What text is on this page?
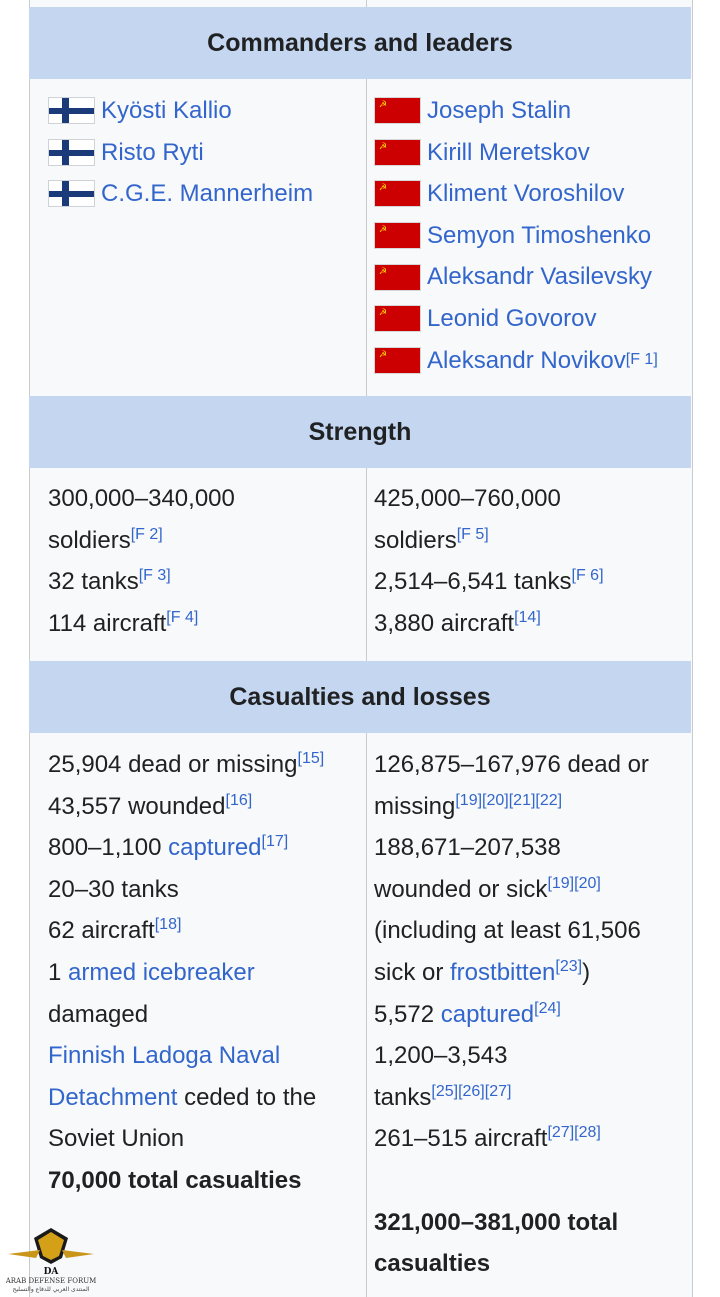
Commanders and leaders
Kyösti Kallio
Risto Ryti
C.G.E. Mannerheim
☭ Joseph Stalin
☭ Kirill Meretskov
☭ Kliment Voroshilov
☭ Semyon Timoshenko
☭ Aleksandr Vasilevsky
☭ Leonid Govorov
☭ Aleksandr Novikov [F 1]
Strength
300,000–340,000
soldiers[F 2]
32 tanks[F 3]
114 aircraft[F 4]
425,000–760,000
soldiers[F 5]
2,514–6,541 tanks[F 6]
3,880 aircraft[14]
Casualties and losses
25,904 dead or missing[15]
43,557 wounded[16]
800–1,100 captured[17]
20–30 tanks
62 aircraft[18]
1 armed icebreaker
damaged
Finnish Ladoga Naval
Detachment ceded to the
Soviet Union
70,000 total casualties
126,875–167,976 dead or
missing[19][20][21][22]
188,671–207,538
wounded or sick[19][20]
(including at least 61,506
sick or frostbitten[23])
5,572 captured[24]
1,200–3,543
tanks[25][26][27]
261–515 aircraft[27][28]

321,000–381,000 total
casualties
DA
ARAB DEFENSE FORUM
المنتدى العربي للدفاع والتسليح
